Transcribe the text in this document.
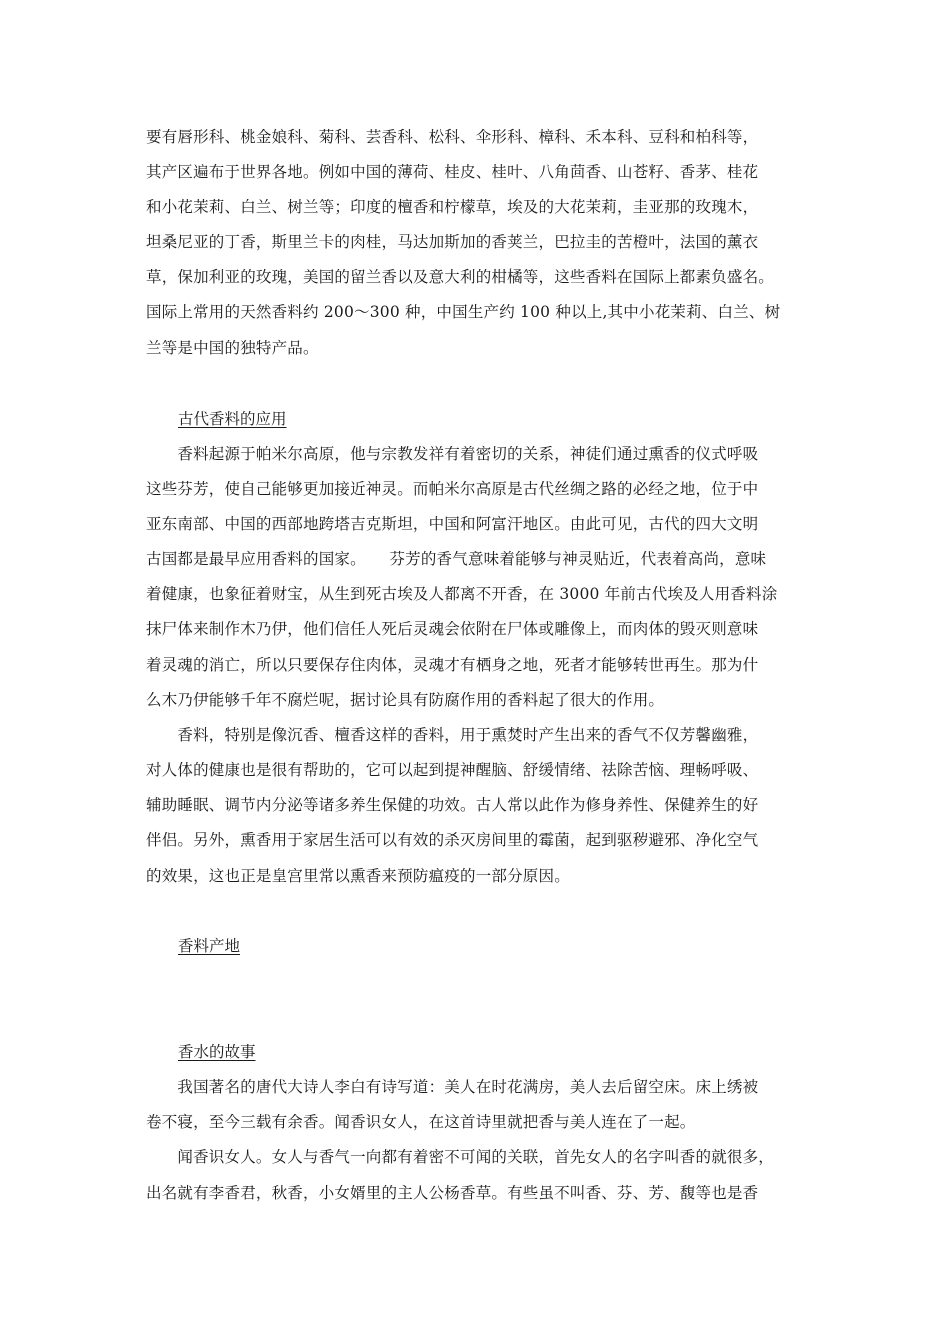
要有唇形科、桃金娘科、菊科、芸香科、松科、伞形科、樟科、禾本科、豆科和柏科等，
其产区遍布于世界各地。例如中国的薄荷、桂皮、桂叶、八角茴香、山苍籽、香茅、桂花
和小花茉莉、白兰、树兰等；印度的檀香和柠檬草，埃及的大花茉莉，圭亚那的玫瑰木，
坦桑尼亚的丁香，斯里兰卡的肉桂，马达加斯加的香荚兰，巴拉圭的苦橙叶，法国的薰衣
草，保加利亚的玫瑰，美国的留兰香以及意大利的柑橘等，这些香料在国际上都素负盛名。
国际上常用的天然香料约 200～300 种，中国生产约 100 种以上,其中小花茉莉、白兰、树
兰等是中国的独特产品。
古代香料的应用
　　香料起源于帕米尔高原，他与宗教发祥有着密切的关系，神徒们通过熏香的仪式呼吸
这些芬芳，使自己能够更加接近神灵。而帕米尔高原是古代丝绸之路的必经之地，位于中
亚东南部、中国的西部地跨塔吉克斯坦，中国和阿富汗地区。由此可见，古代的四大文明
古国都是最早应用香料的国家。　　芬芳的香气意味着能够与神灵贴近，代表着高尚，意味
着健康，也象征着财宝，从生到死古埃及人都离不开香，在 3000 年前古代埃及人用香料涂
抹尸体来制作木乃伊，他们信任人死后灵魂会依附在尸体或雕像上，而肉体的毁灭则意味
着灵魂的消亡，所以只要保存住肉体，灵魂才有栖身之地，死者才能够转世再生。那为什
么木乃伊能够千年不腐烂呢，据讨论具有防腐作用的香料起了很大的作用。
　　香料，特别是像沉香、檀香这样的香料，用于熏焚时产生出来的香气不仅芳馨幽雅，
对人体的健康也是很有帮助的，它可以起到提神醒脑、舒缓情绪、祛除苦恼、理畅呼吸、
辅助睡眠、调节内分泌等诸多养生保健的功效。古人常以此作为修身养性、保健养生的好
伴侣。另外，熏香用于家居生活可以有效的杀灭房间里的霉菌，起到驱秽避邪、净化空气
的效果，这也正是皇宫里常以熏香来预防瘟疫的一部分原因。
香料产地
香水的故事
　　我国著名的唐代大诗人李白有诗写道：美人在时花满房，美人去后留空床。床上绣被
卷不寝，至今三载有余香。闻香识女人，在这首诗里就把香与美人连在了一起。
　　闻香识女人。女人与香气一向都有着密不可闻的关联，首先女人的名字叫香的就很多，
出名就有李香君，秋香，小女婿里的主人公杨香草。有些虽不叫香、芬、芳、馥等也是香
